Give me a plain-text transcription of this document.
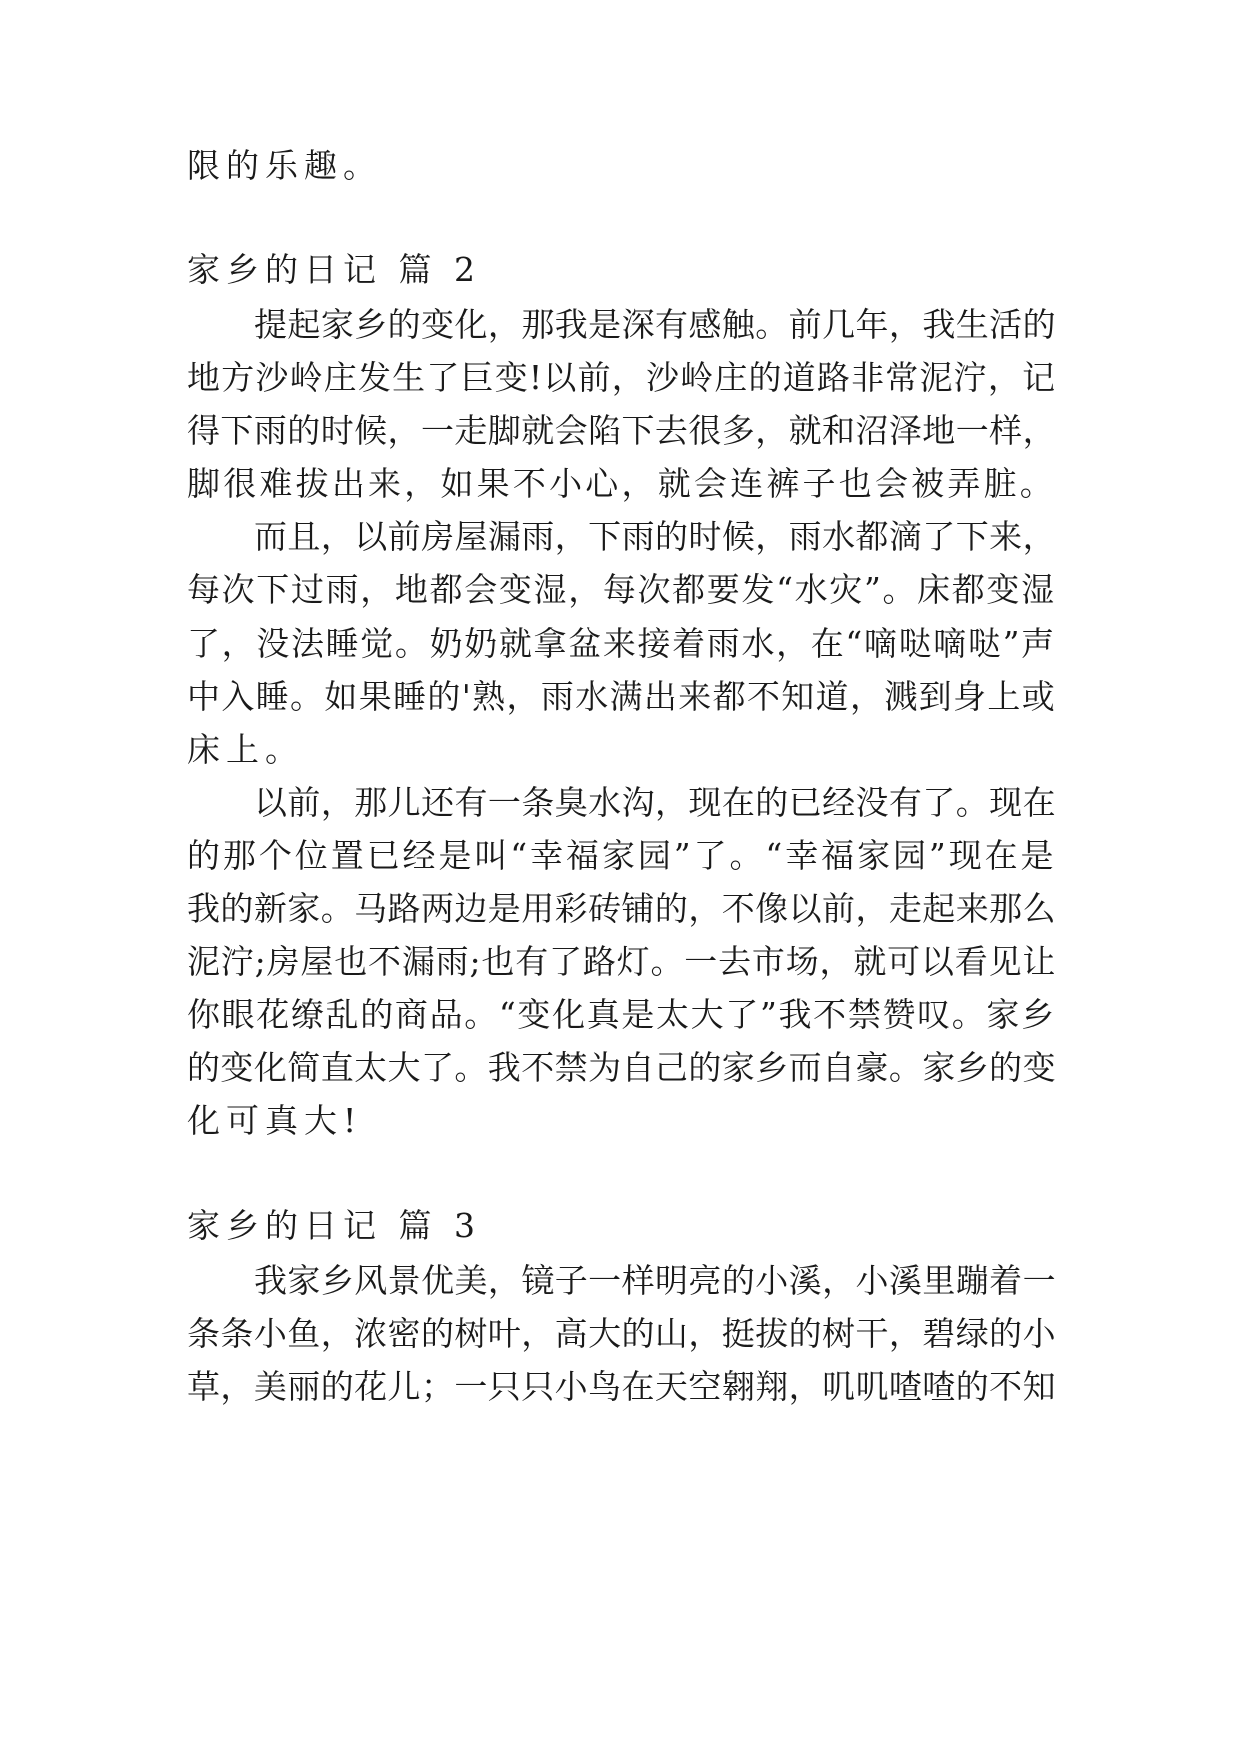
限的乐趣。
家乡的日记 篇 2
提起家乡的变化，那我是深有感触。前几年，我生活的
地方沙岭庄发生了巨变!以前，沙岭庄的道路非常泥泞，记
得下雨的时候，一走脚就会陷下去很多，就和沼泽地一样，
脚很难拔出来，如果不小心，就会连裤子也会被弄脏。
而且，以前房屋漏雨，下雨的时候，雨水都滴了下来，
每次下过雨，地都会变湿，每次都要发“水灾”。床都变湿
了，没法睡觉。奶奶就拿盆来接着雨水，在“嘀哒嘀哒”声
中入睡。如果睡的'熟，雨水满出来都不知道，溅到身上或
床上。
以前，那儿还有一条臭水沟，现在的已经没有了。现在
的那个位置已经是叫“幸福家园”了。“幸福家园”现在是
我的新家。马路两边是用彩砖铺的，不像以前，走起来那么
泥泞;房屋也不漏雨;也有了路灯。一去市场，就可以看见让
你眼花缭乱的商品。“变化真是太大了”我不禁赞叹。家乡
的变化简直太大了。我不禁为自己的家乡而自豪。家乡的变
化可真大!
家乡的日记 篇 3
我家乡风景优美，镜子一样明亮的小溪，小溪里蹦着一
条条小鱼，浓密的树叶，高大的山，挺拔的树干，碧绿的小
草，美丽的花儿；一只只小鸟在天空翱翔，叽叽喳喳的不知
